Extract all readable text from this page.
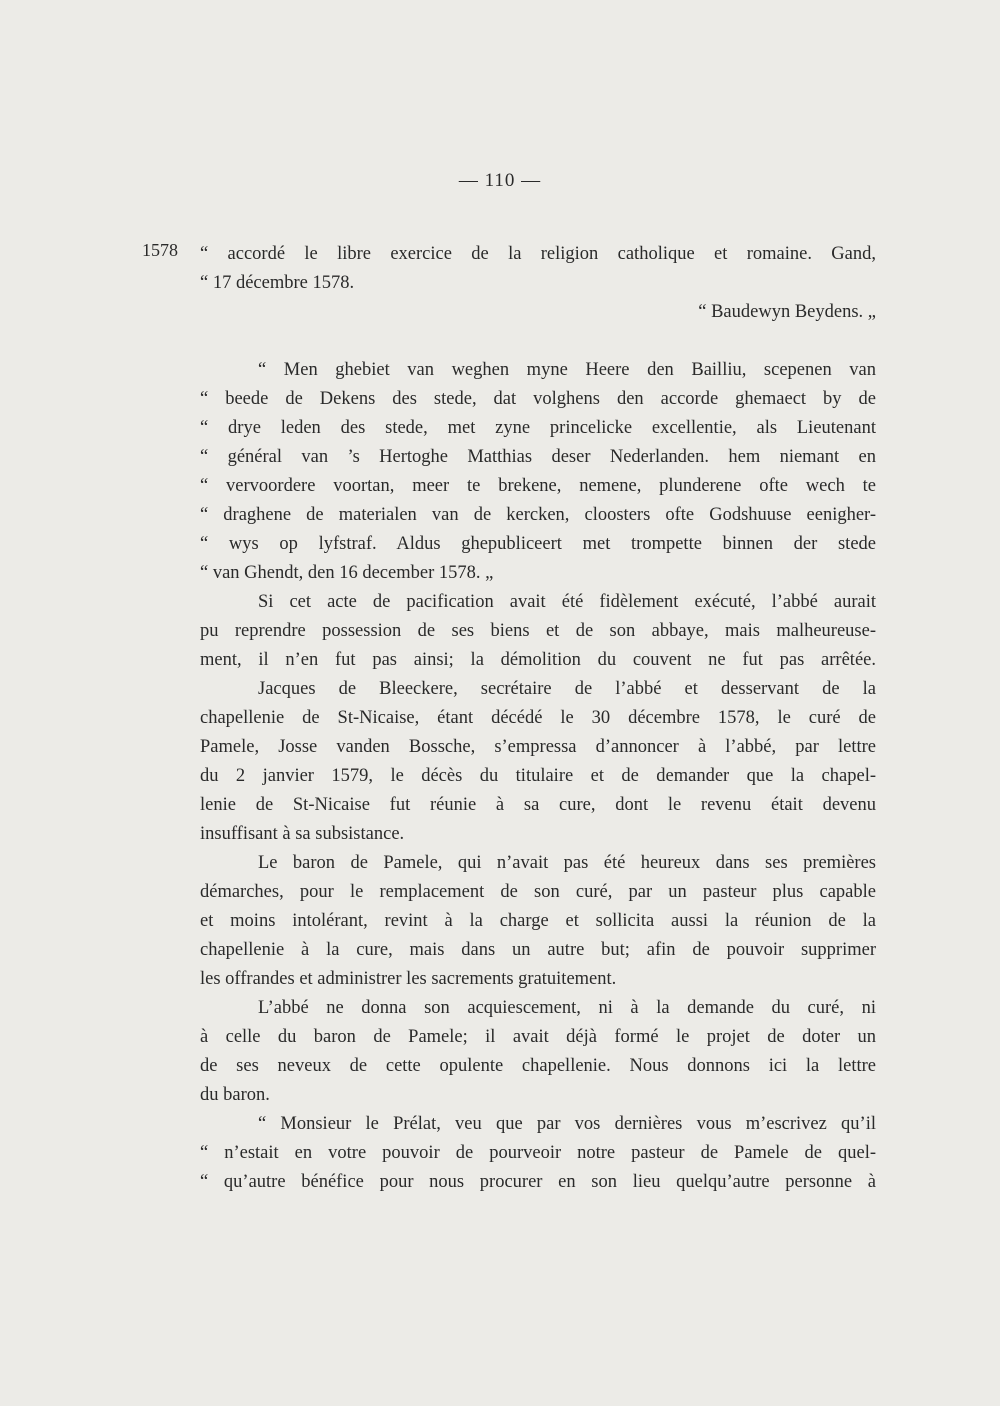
— 110 —
1578 “ accordé le libre exercice de la religion catholique et romaine. Gand,
“ 17 décembre 1578.
“ Baudewyn Beydens. „
“ Men ghebiet van weghen myne Heere den Bailliu, scepenen van
“ beede de Dekens des stede, dat volghens den accorde ghemaect by de
“ drye leden des stede, met zyne princelicke excellentie, als Lieutenant
“ général van ’s Hertoghe Matthias deser Nederlanden. hem niemant en
“ vervoordere voortan, meer te brekene, nemene, plunderene ofte wech te
“ draghene de materialen van de kercken, cloosters ofte Godshuuse eenigher-
“ wys op lyfstraf. Aldus ghepubliceert met trompette binnen der stede
“ van Ghendt, den 16 december 1578. „
Si cet acte de pacification avait été fidèlement exécuté, l’abbé aurait
pu reprendre possession de ses biens et de son abbaye, mais malheureuse-
ment, il n’en fut pas ainsi; la démolition du couvent ne fut pas arrêtée.
Jacques de Bleeckere, secrétaire de l’abbé et desservant de la
chapellenie de St-Nicaise, étant décédé le 30 décembre 1578, le curé de
Pamele, Josse vanden Bossche, s’empressa d’annoncer à l’abbé, par lettre
du 2 janvier 1579, le décès du titulaire et de demander que la chapel-
lenie de St-Nicaise fut réunie à sa cure, dont le revenu était devenu
insuffisant à sa subsistance.
Le baron de Pamele, qui n’avait pas été heureux dans ses premières
démarches, pour le remplacement de son curé, par un pasteur plus capable
et moins intolérant, revint à la charge et sollicita aussi la réunion de la
chapellenie à la cure, mais dans un autre but; afin de pouvoir supprimer
les offrandes et administrer les sacrements gratuitement.
L’abbé ne donna son acquiescement, ni à la demande du curé, ni
à celle du baron de Pamele; il avait déjà formé le projet de doter un
de ses neveux de cette opulente chapellenie. Nous donnons ici la lettre
du baron.
“ Monsieur le Prélat, veu que par vos dernières vous m’escrivez qu’il
“ n’estait en votre pouvoir de pourveoir notre pasteur de Pamele de quel-
“ qu’autre bénéfice pour nous procurer en son lieu quelqu’autre personne à
